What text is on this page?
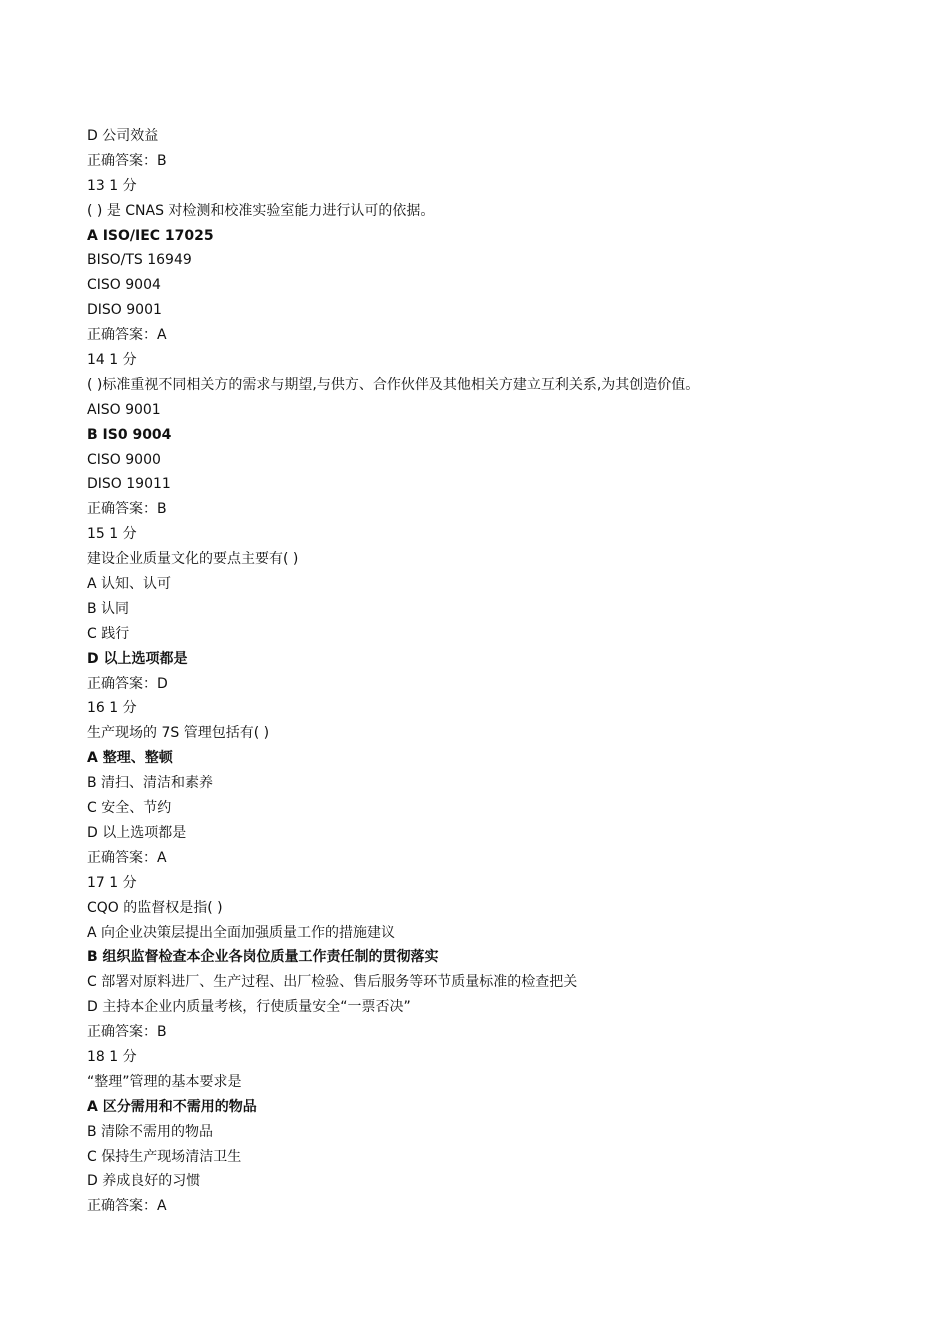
D 公司效益
正确答案：B
13 1 分
( ) 是 CNAS 对检测和校准实验室能力进行认可的依据。
A ISO/IEC 17025
BISO/TS 16949
CISO 9004
DISO 9001
正确答案：A
14 1 分
( )标准重视不同相关方的需求与期望,与供方、合作伙伴及其他相关方建立互利关系,为其创造价值。
AISO 9001
B IS0 9004
CISO 9000
DISO 19011
正确答案：B
15 1 分
建设企业质量文化的要点主要有( )
A 认知、认可
B 认同
C 践行
D 以上选项都是
正确答案：D
16 1 分
生产现场的 7S 管理包括有( )
A 整理、整顿
B 清扫、清洁和素养
C 安全、节约
D 以上选项都是
正确答案：A
17 1 分
CQO 的监督权是指( )
A 向企业决策层提出全面加强质量工作的措施建议
B 组织监督检查本企业各岗位质量工作责任制的贯彻落实
C 部署对原料进厂、生产过程、出厂检验、售后服务等环节质量标准的检查把关
D 主持本企业内质量考核，行使质量安全“一票否决”
正确答案：B
18 1 分
“整理”管理的基本要求是
A 区分需用和不需用的物品
B 清除不需用的物品
C 保持生产现场清洁卫生
D 养成良好的习惯
正确答案：A
